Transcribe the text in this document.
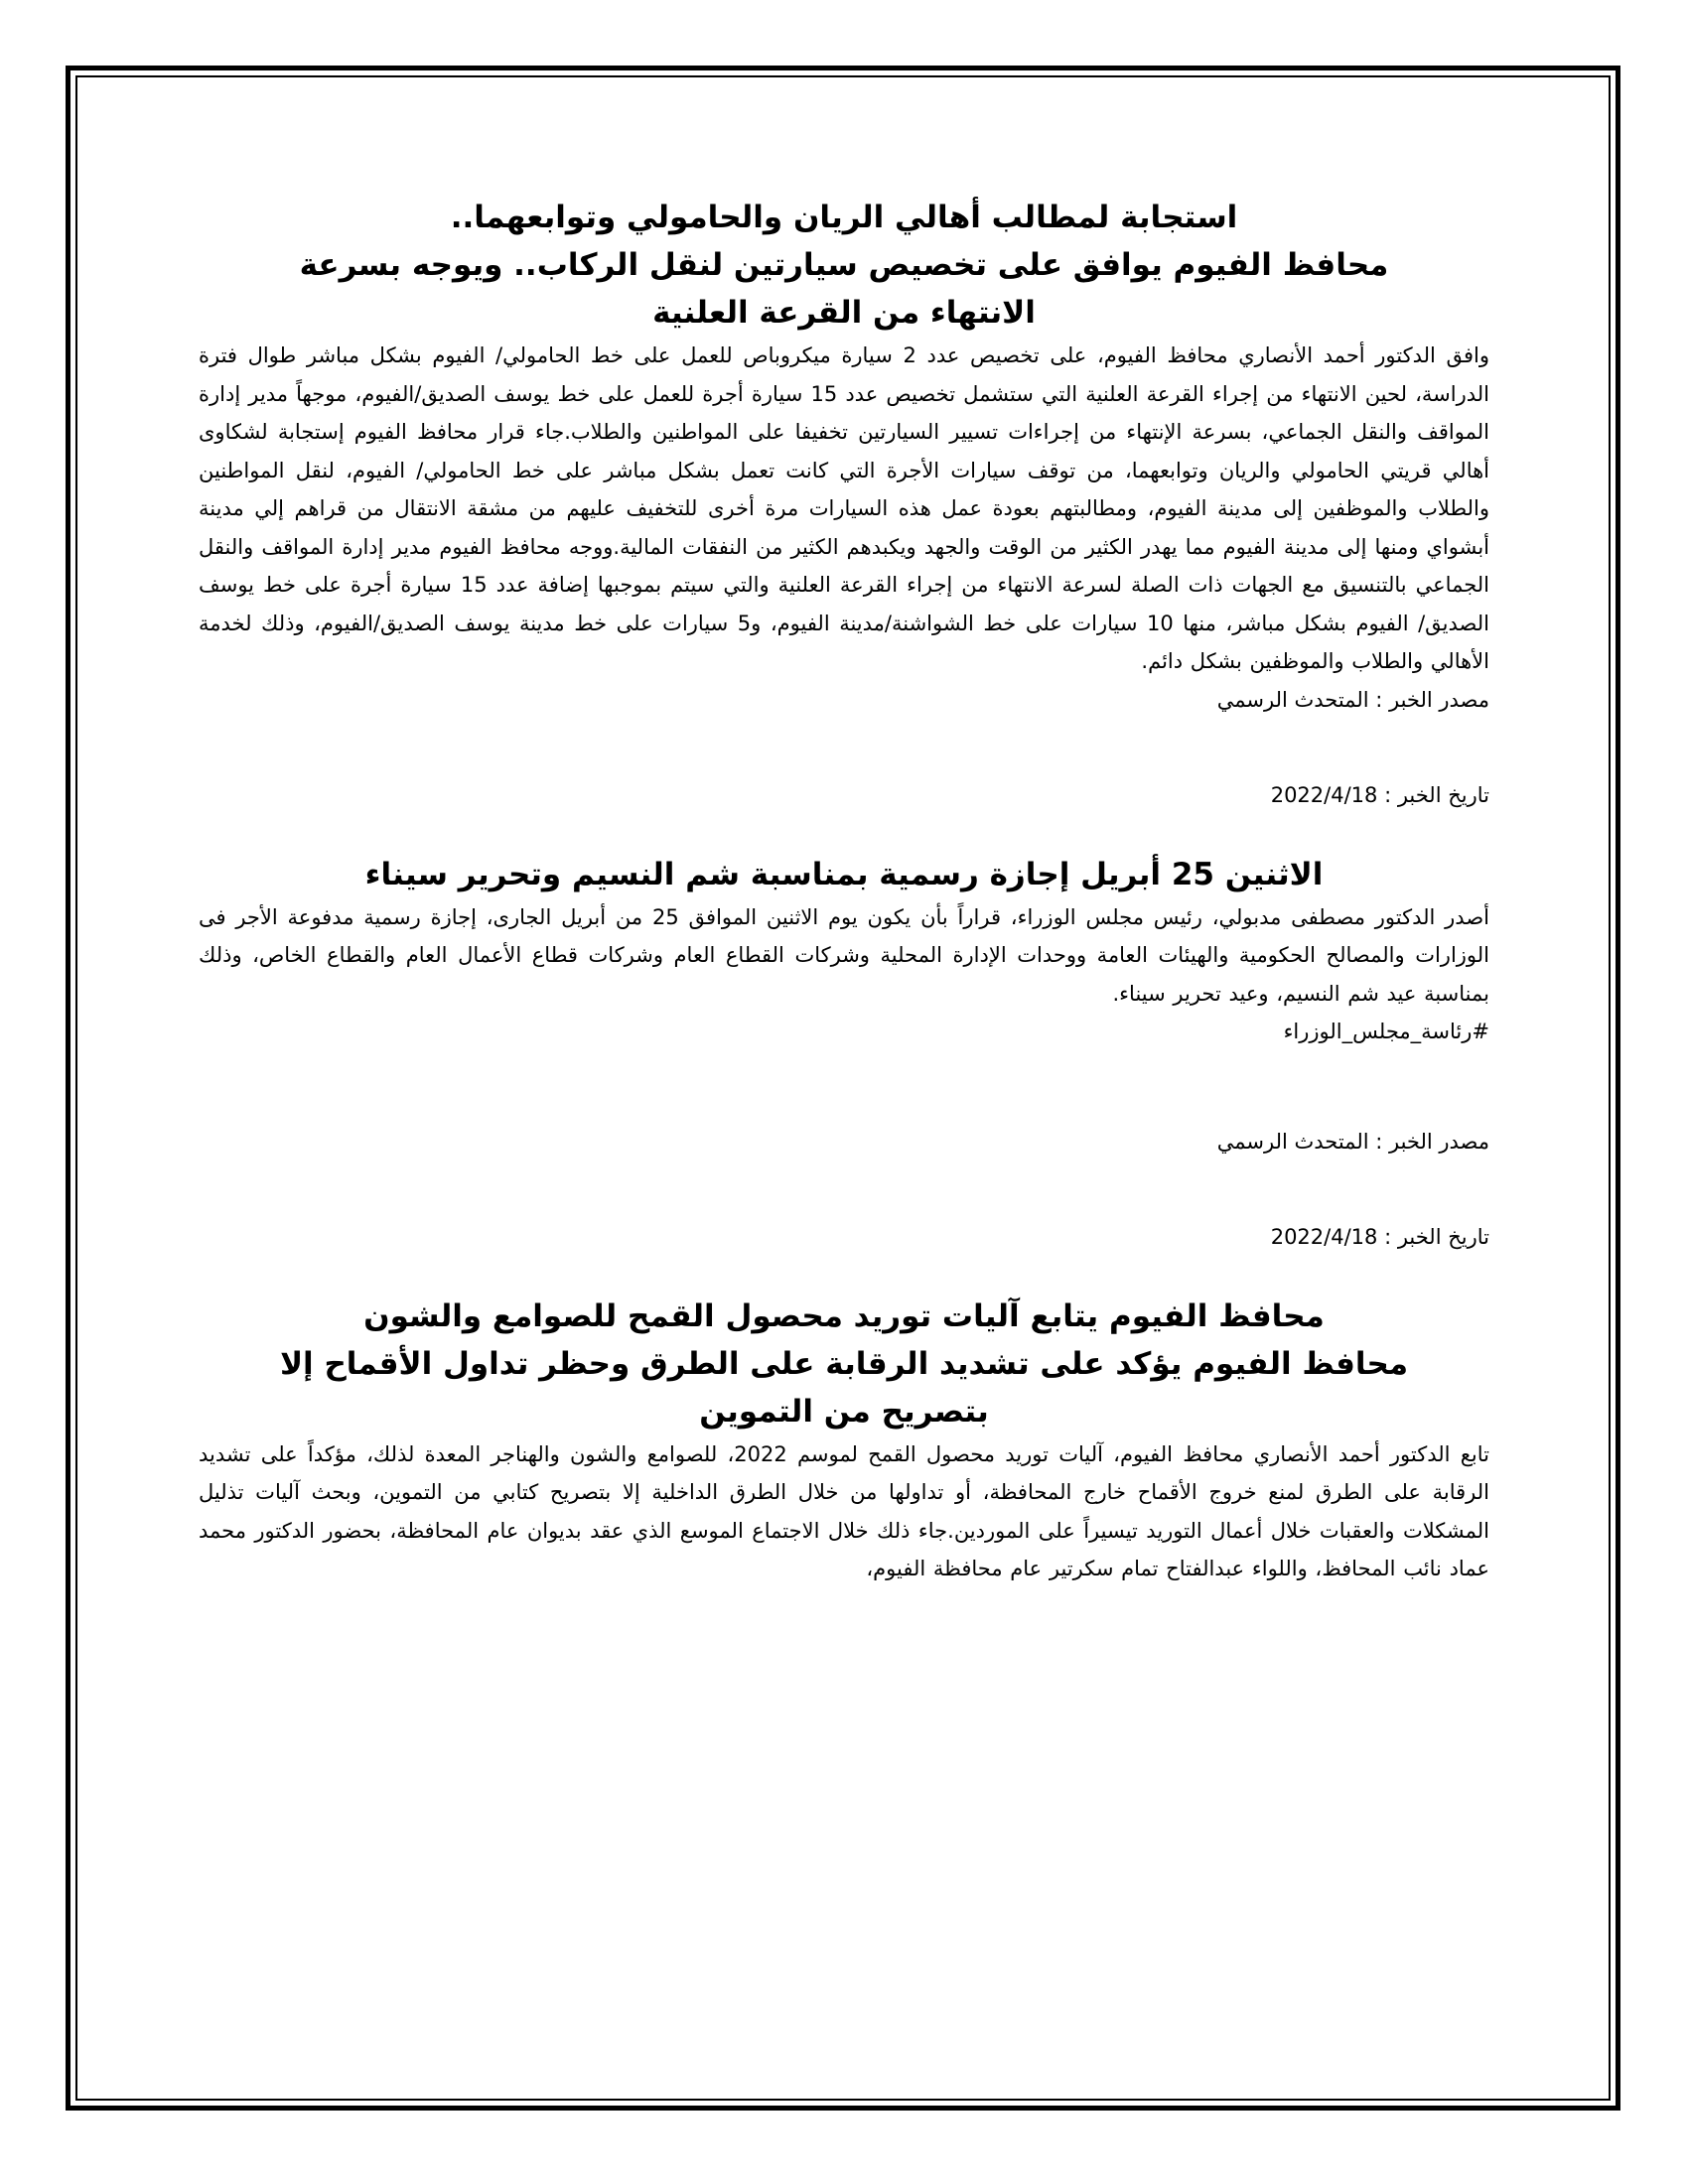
استجابة لمطالب أهالي الريان والحامولي وتوابعهما..
محافظ الفيوم يوافق على تخصيص سيارتين لنقل الركاب.. ويوجه بسرعة
الانتهاء من القرعة العلنية

وافق الدكتور أحمد الأنصاري محافظ الفيوم، على تخصيص عدد 2 سيارة ميكروباص للعمل على خط الحامولي/ الفيوم بشكل مباشر طوال فترة الدراسة، لحين الانتهاء من إجراء القرعة العلنية التي ستشمل تخصيص عدد 15 سيارة أجرة للعمل على خط يوسف الصديق/الفيوم، موجهاً مدير إدارة المواقف والنقل الجماعي، بسرعة الإنتهاء من إجراءات تسيير السيارتين تخفيفا على المواطنين والطلاب.جاء قرار محافظ الفيوم إستجابة لشكاوى أهالي قريتي الحامولي والريان وتوابعهما، من توقف سيارات الأجرة التي كانت تعمل بشكل مباشر على خط الحامولي/ الفيوم، لنقل المواطنين والطلاب والموظفين إلى مدينة الفيوم، ومطالبتهم بعودة عمل هذه السيارات مرة أخرى للتخفيف عليهم من مشقة الانتقال من قراهم إلي مدينة أبشواي ومنها إلى مدينة الفيوم مما يهدر الكثير من الوقت والجهد ويكبدهم الكثير من النفقات المالية.ووجه محافظ الفيوم مدير إدارة المواقف والنقل الجماعي بالتنسيق مع الجهات ذات الصلة لسرعة الانتهاء من إجراء القرعة العلنية والتي سيتم بموجبها إضافة عدد 15 سيارة أجرة على خط يوسف الصديق/ الفيوم بشكل مباشر، منها 10 سيارات على خط الشواشنة/مدينة الفيوم، و5 سيارات على خط مدينة يوسف الصديق/الفيوم، وذلك لخدمة الأهالي والطلاب والموظفين بشكل دائم.

مصدر الخبر : المتحدث الرسمي

تاريخ الخبر : 2022/4/18

الاثنين 25 أبريل إجازة رسمية بمناسبة شم النسيم وتحرير سيناء

أصدر الدكتور مصطفى مدبولي، رئيس مجلس الوزراء، قراراً بأن يكون يوم الاثنين الموافق 25 من أبريل الجارى، إجازة رسمية مدفوعة الأجر فى الوزارات والمصالح الحكومية والهيئات العامة ووحدات الإدارة المحلية وشركات القطاع العام وشركات قطاع الأعمال العام والقطاع الخاص، وذلك بمناسبة عيد شم النسيم، وعيد تحرير سيناء.

#رئاسة_مجلس_الوزراء

مصدر الخبر : المتحدث الرسمي

تاريخ الخبر : 2022/4/18

محافظ الفيوم يتابع آليات توريد محصول القمح للصوامع والشون
محافظ الفيوم يؤكد على تشديد الرقابة على الطرق وحظر تداول الأقماح إلا
بتصريح من التموين

تابع الدكتور أحمد الأنصاري محافظ الفيوم، آليات توريد محصول القمح لموسم 2022، للصوامع والشون والهناجر المعدة لذلك، مؤكداً على تشديد الرقابة على الطرق لمنع خروج الأقماح خارج المحافظة، أو تداولها من خلال الطرق الداخلية إلا بتصريح كتابي من التموين، وبحث آليات تذليل المشكلات والعقبات خلال أعمال التوريد تيسيراً على الموردين.جاء ذلك خلال الاجتماع الموسع الذي عقد بديوان عام المحافظة، بحضور الدكتور محمد عماد نائب المحافظ، واللواء عبدالفتاح تمام سكرتير عام محافظة الفيوم،
